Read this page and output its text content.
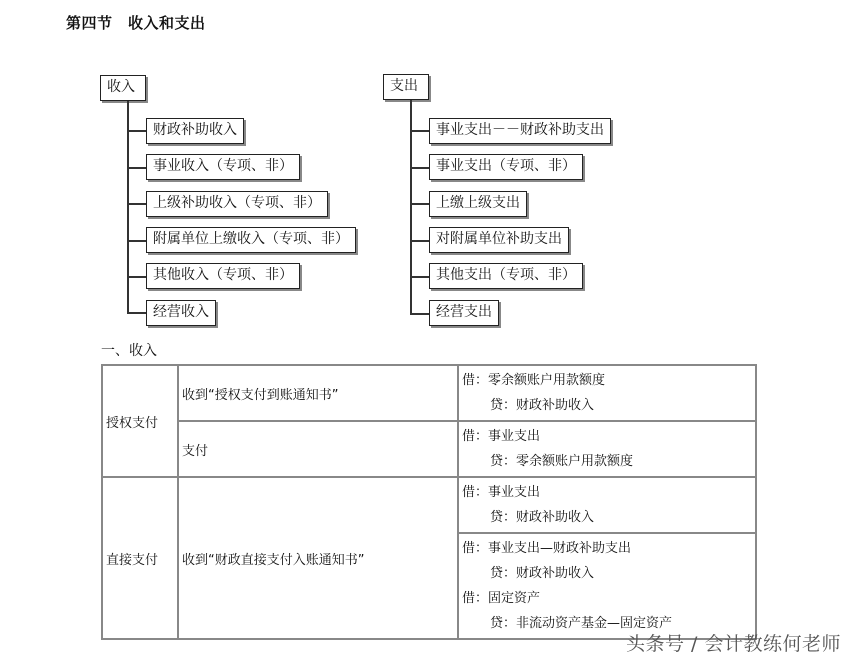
第四节　收入和支出
收入
财政补助收入
事业收入（专项、非）
上级补助收入（专项、非）
附属单位上缴收入（专项、非）
其他收入（专项、非）
经营收入
支出
事业支出－－财政补助支出
事业支出（专项、非）
上缴上级支出
对附属单位补助支出
其他支出（专项、非）
经营支出
一、收入
授权支付	收到“授权支付到账通知书”	借：零余额账户用款额度
贷：财政补助收入

	支付	借：事业支出
贷：零余额账户用款额度

直接支付	收到“财政直接支付入账通知书”	借：事业支出
贷：财政补助收入

		借：事业支出—财政补助支出
贷：财政补助收入
借：固定资产
贷：非流动资产基金—固定资产
头条号 / 会计教练何老师
